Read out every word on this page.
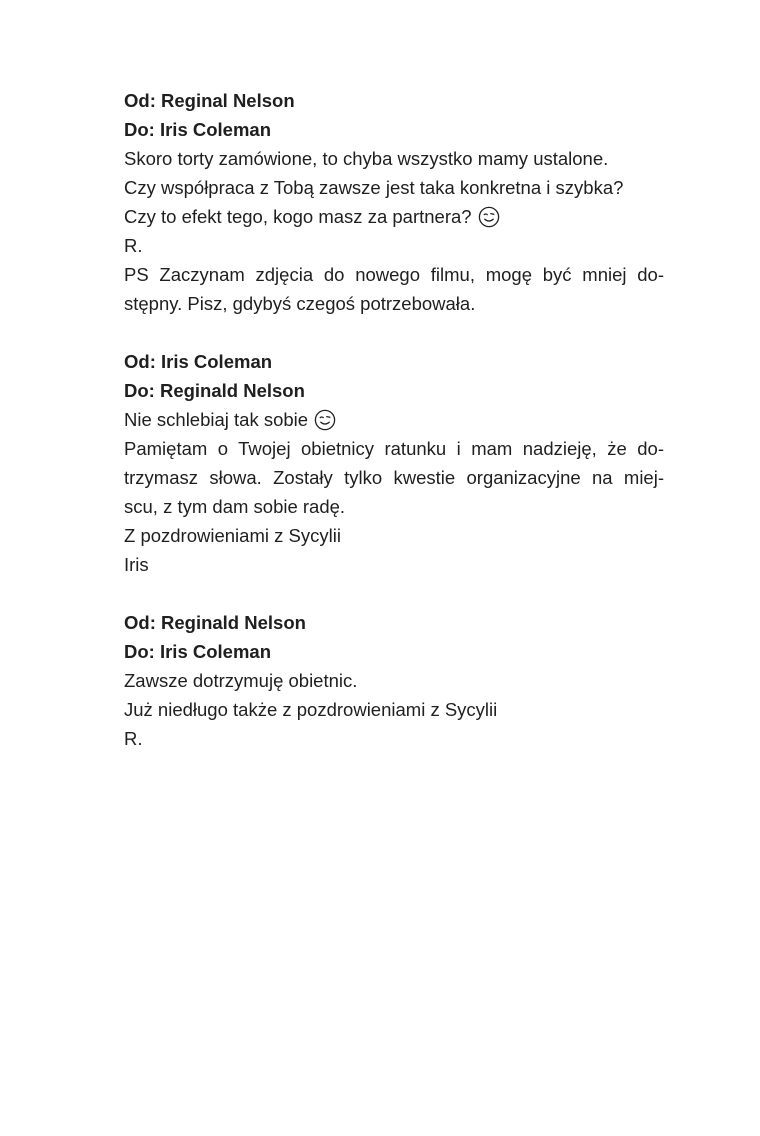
Od: Reginal Nelson
Do: Iris Coleman
Skoro torty zamówione, to chyba wszystko mamy ustalone.
Czy współpraca z Tobą zawsze jest taka konkretna i szybka?
Czy to efekt tego, kogo masz za partnera?
R.
PS Zaczynam zdjęcia do nowego filmu, mogę być mniej do-
stępny. Pisz, gdybyś czegoś potrzebowała.
Od: Iris Coleman
Do: Reginald Nelson
Nie schlebiaj tak sobie
Pamiętam o Twojej obietnicy ratunku i mam nadzieję, że do-
trzymasz słowa. Zostały tylko kwestie organizacyjne na miej-
scu, z tym dam sobie radę.
Z pozdrowieniami z Sycylii
Iris
Od: Reginald Nelson
Do: Iris Coleman
Zawsze dotrzymuję obietnic.
Już niedługo także z pozdrowieniami z Sycylii
R.
